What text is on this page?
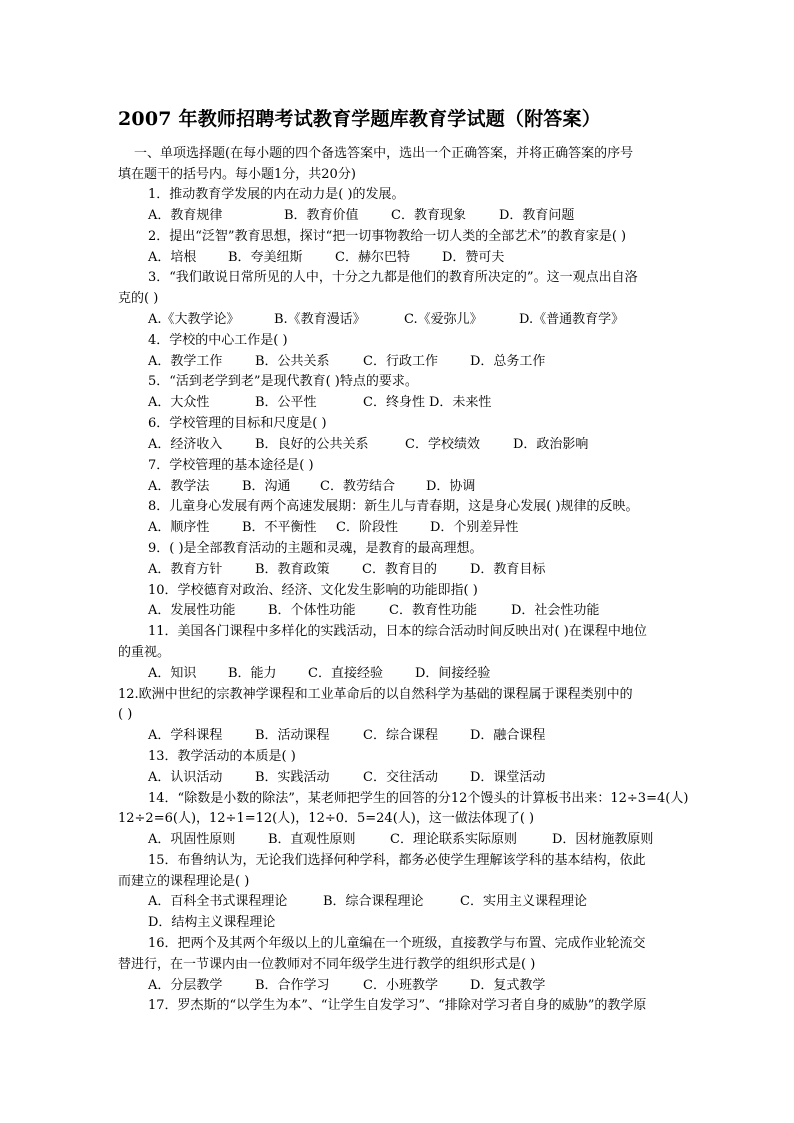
2007 年教师招聘考试教育学题库教育学试题（附答案）
一、单项选择题(在每小题的四个备选答案中，选出一个正确答案，并将正确答案的序号
填在题干的括号内。每小题1分，共20分)
1．推动教育学发展的内在动力是( )的发展。
A．教育规律	B．教育价值 C．教育现象	D．教育问题
2．提出“泛智”教育思想，探讨“把一切事物教给一切人类的全部艺术”的教育家是( )
A．培根 B．夸美纽斯 C．赫尔巴特 D．赞可夫
3．“我们敢说日常所见的人中，十分之九都是他们的教育所决定的”。这一观点出自洛
克的( )
A.《大教学论》	B.《教育漫话》	C.《爱弥儿》	D.《普通教育学》
4．学校的中心工作是( )
A．教学工作	B．公共关系	C．行政工作 D．总务工作
5．“活到老学到老”是现代教育( )特点的要求。
A．大众性	B．公平性	C．终身性 D．未来性
6．学校管理的目标和尺度是( )
A．经济收入	B．良好的公共关系	C．学校绩效	D．政治影响
7．学校管理的基本途径是( )
A．教学法	B．沟通 C．教劳结合 D．协调
8．儿童身心发展有两个高速发展期：新生儿与青春期，这是身心发展( )规律的反映。
A．顺序性	B．不平衡性 C．阶段性 D．个别差异性
9．( )是全部教育活动的主题和灵魂，是教育的最高理想。
A．教育方针	B．教育政策 C．教育目的	D．教育目标
10．学校德育对政治、经济、文化发生影响的功能即指( )
A．发展性功能	B．个体性功能	C．教育性功能	D．社会性功能
11．美国各门课程中多样化的实践活动，日本的综合活动时间反映出对( )在课程中地位
的重视。
A．知识 B．能力 C．直接经验 D．间接经验
12.欧洲中世纪的宗教神学课程和工业革命后的以自然科学为基础的课程属于课程类别中的
( )
A．学科课程	B．活动课程	C．综合课程 D．融合课程
13．教学活动的本质是( )
A．认识活动	B．实践活动	C．交往活动 D．课堂活动
14．“除数是小数的除法”，某老师把学生的回答的分12个馒头的计算板书出来：12÷3=4(人)
12÷2=6(人)，12÷1=12(人)，12÷0．5=24(人)，这一做法体现了( )
A．巩固性原则	B．直观性原则	C．理论联系实际原则	D．因材施教原则
15．布鲁纳认为，无论我们选择何种学科，都务必使学生理解该学科的基本结构，依此
而建立的课程理论是( )
A．百科全书式课程理论	B．综合课程理论	C．实用主义课程理论
D．结构主义课程理论
16．把两个及其两个年级以上的儿童编在一个班级，直接教学与布置、完成作业轮流交
替进行，在一节课内由一位教师对不同年级学生进行教学的组织形式是( )
A．分层教学	B．合作学习	C．小班教学 D．复式教学
17．罗杰斯的“以学生为本”、“让学生自发学习”、“排除对学习者自身的威胁”的教学原
